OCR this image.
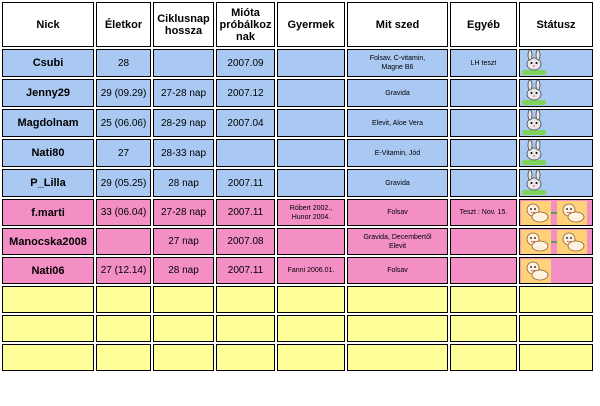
Nick	Életkor	Ciklusnap
hossza	Mióta
próbálkoz
nak	Gyermek	Mit szed	Egyéb	Státusz
Csubi	28		2007.09		Folsav, C-vitamin,
Magne B6	LH teszt	

Jenny29	29 (09.29)	27-28 nap	2007.12		Gravida		

Magdolnam	25 (06.06)	28-29 nap	2007.04		Elevit, Aloe Vera		

Nati80	27	28-33 nap			E-Vitamin, Jód		

P_Lilla	29 (05.25)	28 nap	2007.11		Gravida		

f.marti	33 (06.04)	27-28 nap	2007.11	Róbert 2002.,
Hunor 2004.	Folsav	Teszt : Nov. 15.	

Manocska2008		27 nap	2007.08		Gravida, Decembertől
Elevit		

Nati06	27 (12.14)	28 nap	2007.11	Fanni 2006.01.	Folsav		
